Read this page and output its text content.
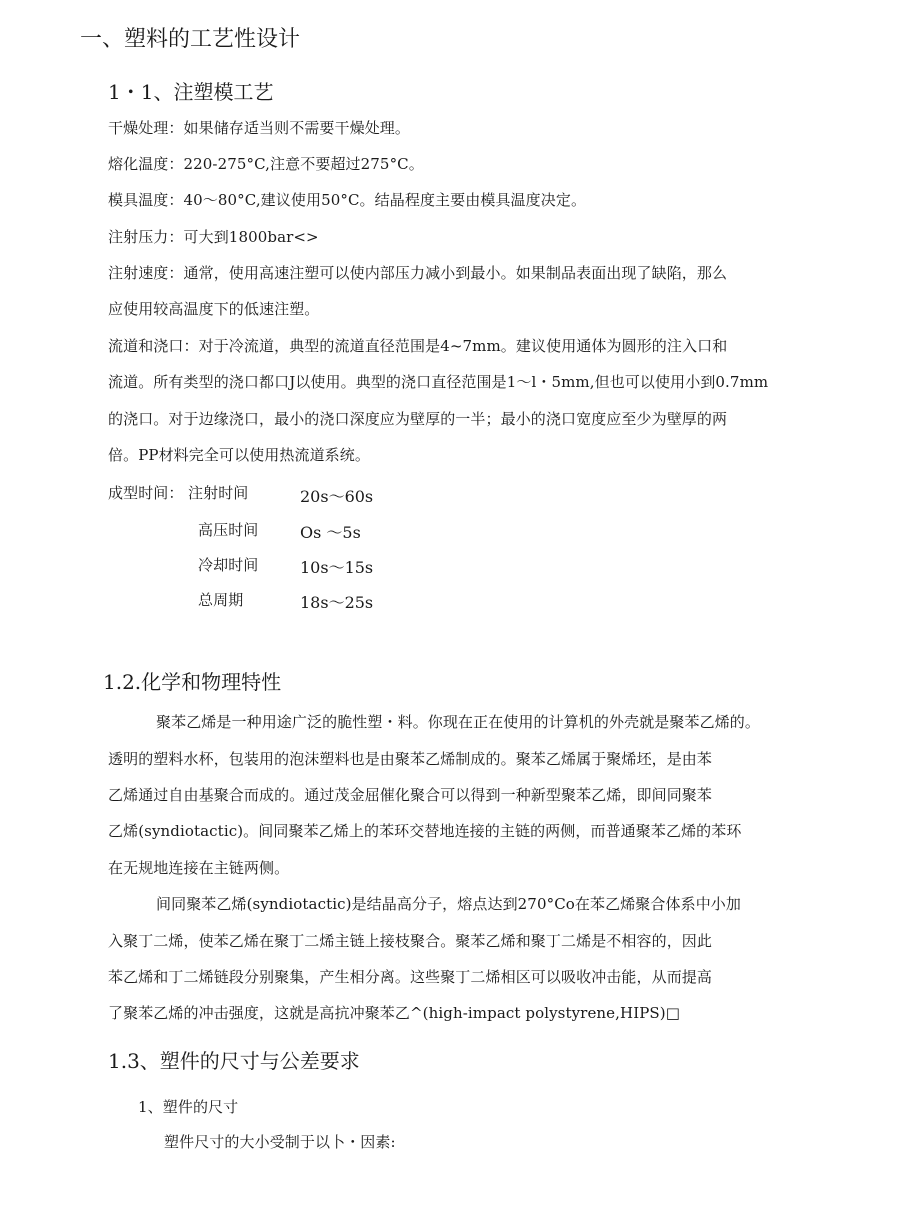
一、塑料的工艺性设计
1・1、注塑模工艺
干燥处理：如果储存适当则不需要干燥处理。
熔化温度：220-275°C,注意不要超过275°C。
模具温度：40～80°C,建议使用50°C。结晶程度主要由模具温度决定。
注射压力：可大到1800bar<>
注射速度：通常，使用高速注塑可以使内部压力减小到最小。如果制品表面出现了缺陷，那么
应使用较高温度下的低速注塑。
流道和浇口：对于冷流道，典型的流道直径范围是4~7mm。建议使用通体为圆形的注入口和
流道。所有类型的浇口都口J以使用。典型的浇口直径范围是1～l・5mm,但也可以使用小到0.7mm
的浇口。对于边缘浇口，最小的浇口深度应为壁厚的一半；最小的浇口宽度应至少为壁厚的两
倍。PP材料完全可以使用热流道系统。
成型时间： 注射时间	20s～60s
高压时间	Os ～5s
冷却时间	10s～15s
总周期	18s～25s
1.2.化学和物理特性
聚苯乙烯是一种用途广泛的脆性塑・料。你现在正在使用的计算机的外壳就是聚苯乙烯的。
透明的塑料水杯，包装用的泡沫塑料也是由聚苯乙烯制成的。聚苯乙烯属于聚烯坯，是由苯
乙烯通过自由基聚合而成的。通过茂金屈催化聚合可以得到一种新型聚苯乙烯，即间同聚苯
乙烯(syndiotactic)。间同聚苯乙烯上的苯环交替地连接的主链的两侧，而普通聚苯乙烯的苯环
在无规地连接在主链两侧。
间同聚苯乙烯(syndiotactic)是结晶高分子，熔点达到270°Co在苯乙烯聚合体系中小加
入聚丁二烯，使苯乙烯在聚丁二烯主链上接枝聚合。聚苯乙烯和聚丁二烯是不相容的，因此
苯乙烯和丁二烯链段分别聚集，产生相分离。这些聚丁二烯相区可以吸收冲击能，从而提高
了聚苯乙烯的冲击强度，这就是高抗冲聚苯乙^(high-impact polystyrene,HIPS)□
1.3、塑件的尺寸与公差要求
1、塑件的尺寸
塑件尺寸的大小受制于以卜・因素:
